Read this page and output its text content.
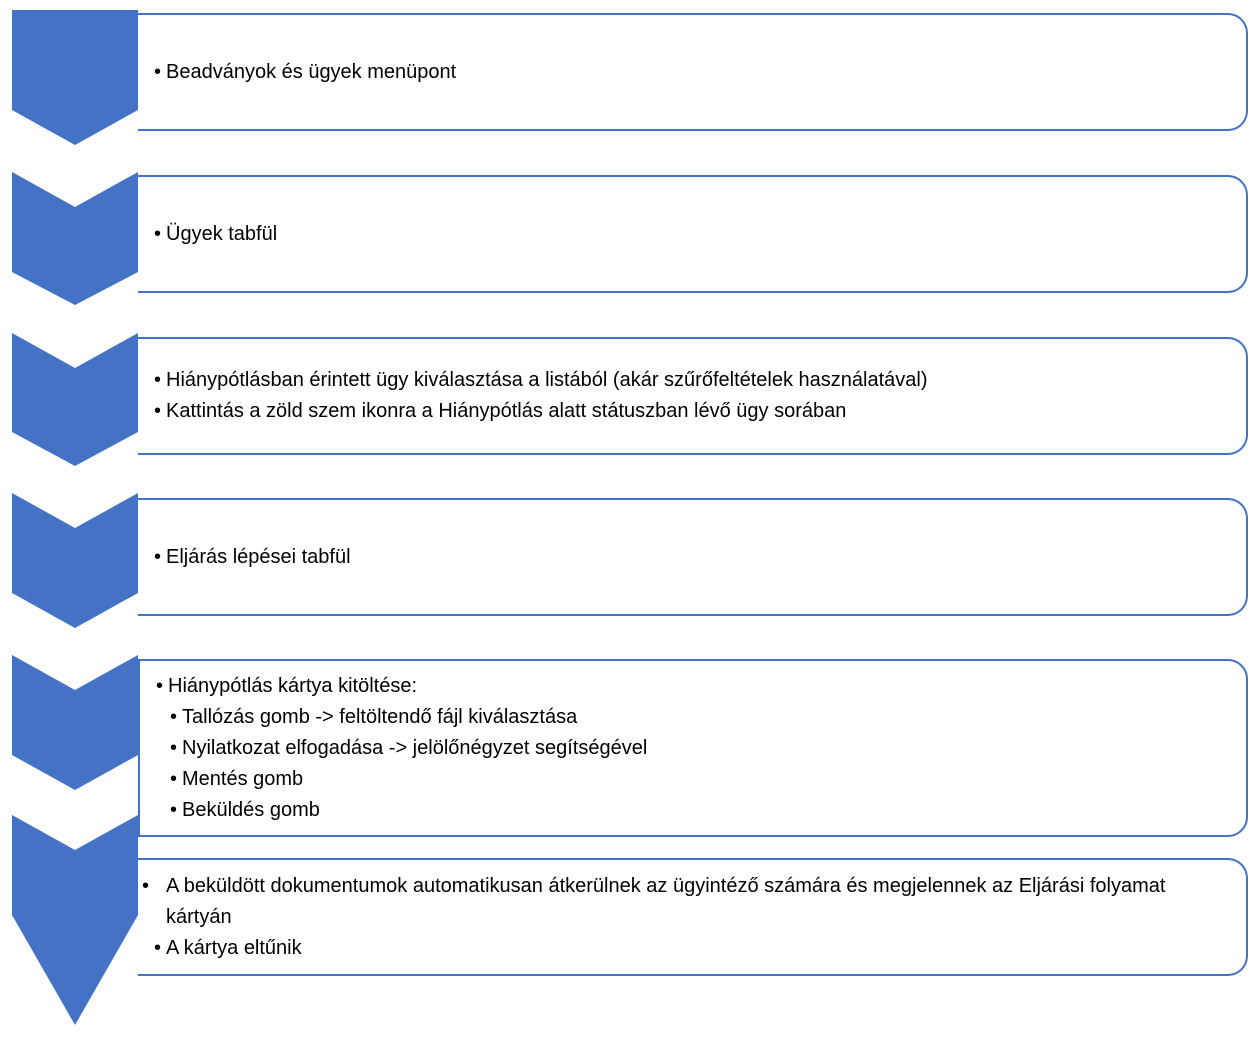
• Beadványok és ügyek menüpont
• Ügyek tabfül
• Hiánypótlásban érintett ügy kiválasztása a listából (akár szűrőfeltételek használatával)
• Kattintás a zöld szem ikonra a Hiánypótlás alatt státuszban lévő ügy sorában
• Eljárás lépései tabfül
• Hiánypótlás kártya kitöltése:
• Tallózás gomb -> feltöltendő fájl kiválasztása
• Nyilatkozat elfogadása -> jelölőnégyzet segítségével
• Mentés gomb
• Beküldés gomb
• A beküldött dokumentumok automatikusan átkerülnek az ügyintéző számára és megjelennek az Eljárási folyamat kártyán
• A kártya eltűnik
